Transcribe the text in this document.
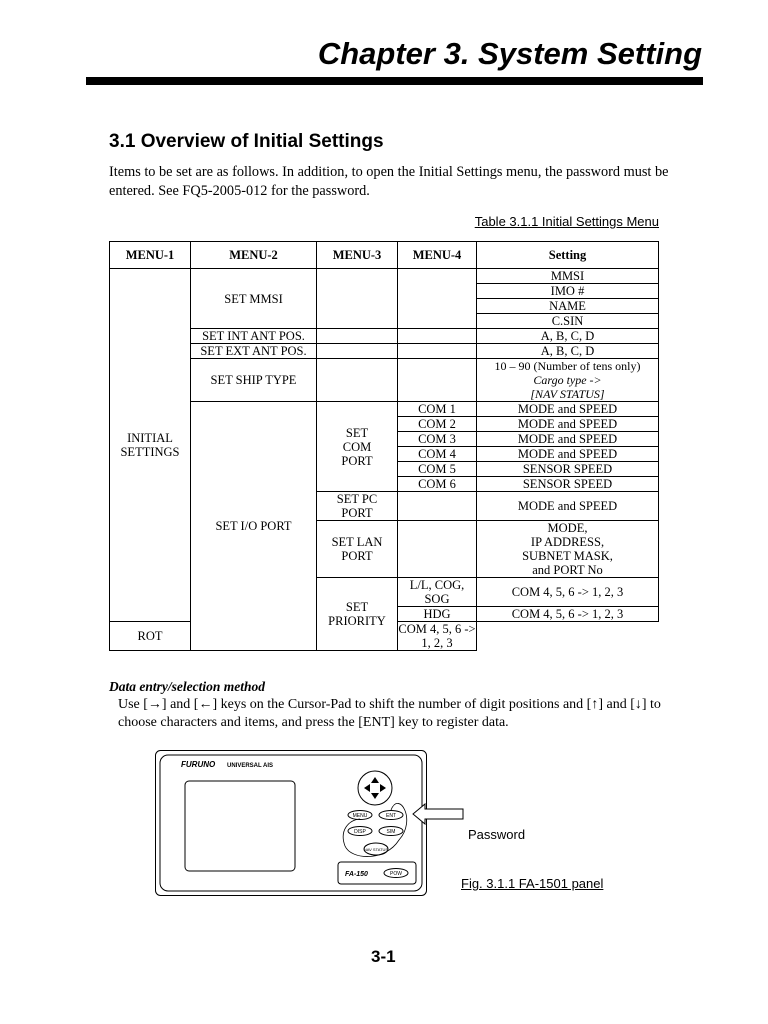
Chapter 3. System Setting
3.1 Overview of Initial Settings
Items to be set are as follows. In addition, to open the Initial Settings menu, the password must be entered. See FQ5-2005-012 for the password.
Table 3.1.1 Initial Settings Menu
MENU-1	MENU-2	MENU-3	MENU-4	Setting
INITIAL SETTINGS	SET MMSI			MMSI
				IMO #
				NAME
				C.SIN
	SET INT ANT POS.			A, B, C, D
	SET EXT ANT POS.			A, B, C, D

	SET SHIP TYPE			10 – 90 (Number of tens only)
Cargo type ->
[NAV STATUS]

	SET I/O PORT	SET COM PORT	COM 1	MODE and SPEED
			COM 2	MODE and SPEED
			COM 3	MODE and SPEED
			COM 4	MODE and SPEED
			COM 5	SENSOR SPEED
			COM 6	SENSOR SPEED

		SET PC PORT		MODE and SPEED

		SET LAN PORT		MODE,
				IP ADDRESS,
				SUBNET MASK,
				and PORT No

		SET PRIORITY	L/L, COG, SOG	COM 4, 5, 6 -> 1, 2, 3

			HDG	COM 4, 5, 6 -> 1, 2, 3
ROT			COM 4, 5, 6 -> 1, 2, 3	
Data entry/selection method
Use [→] and [←] keys on the Cursor-Pad to shift the number of digit positions and [↑] and [↓] to choose characters and items, and press the [ENT] key to register data.
FURUNO UNIVERSAL AIS
MENU	ENT
DISP	SIM
NAV STATUS
FA-150	POW
Password
Fig. 3.1.1 FA-1501 panel
3-1
